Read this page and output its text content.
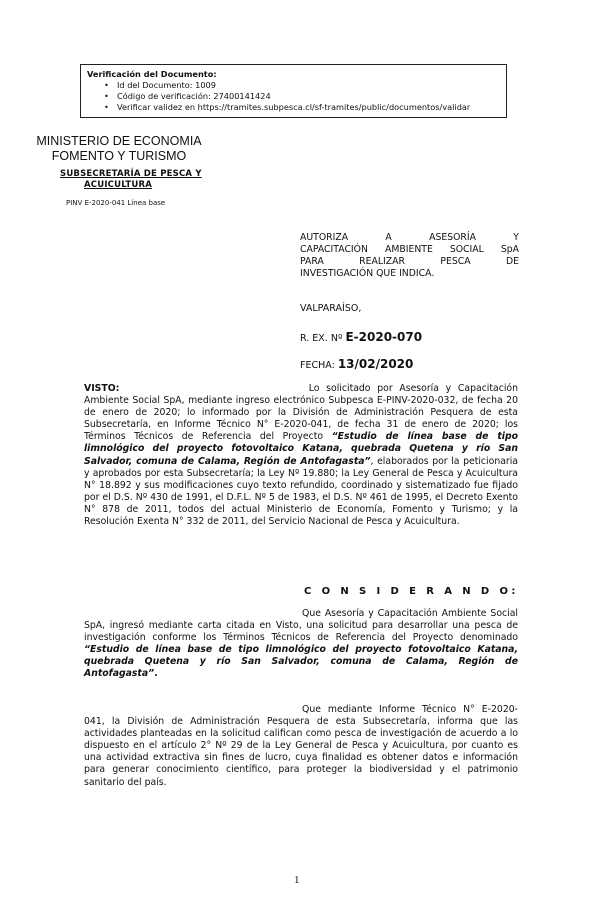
Verificación del Documento:
• Id del Documento: 1009
• Código de verificación: 27400141424
• Verificar validez en https://tramites.subpesca.cl/sf-tramites/public/documentos/validar
MINISTERIO DE ECONOMIA
FOMENTO Y TURISMO
SUBSECRETARÍA DE PESCA Y
ACUICULTURA
PINV E-2020-041 Línea base
AUTORIZA A ASESORÍA Y
CAPACITACIÓN AMBIENTE SOCIAL SpA
PARA REALIZAR PESCA DE
INVESTIGACIÓN QUE INDICA.
VALPARAÍSO,
R. EX. Nº E-2020-070
FECHA: 13/02/2020
VISTO:	Lo solicitado por Asesoría y Capacitación Ambiente Social SpA, mediante ingreso electrónico Subpesca E-PINV-2020-032, de fecha 20 de enero de 2020; lo informado por la División de Administración Pesquera de esta Subsecretaría, en Informe Técnico N° E-2020-041, de fecha 31 de enero de 2020; los Términos Técnicos de Referencia del Proyecto “Estudio de línea base de tipo limnológico del proyecto fotovoltaico Katana, quebrada Quetena y río San Salvador, comuna de Calama, Región de Antofagasta”, elaborados por la peticionaria y aprobados por esta Subsecretaría; la Ley Nº 19.880; la Ley General de Pesca y Acuicultura N° 18.892 y sus modificaciones cuyo texto refundido, coordinado y sistematizado fue fijado por el D.S. Nº 430 de 1991, el D.F.L. Nº 5 de 1983, el D.S. Nº 461 de 1995, el Decreto Exento N° 878 de 2011, todos del actual Ministerio de Economía, Fomento y Turismo; y la Resolución Exenta N° 332 de 2011, del Servicio Nacional de Pesca y Acuicultura.
C O N S I D E R A N D O:
Que Asesoría y Capacitación Ambiente Social SpA, ingresó mediante carta citada en Visto, una solicitud para desarrollar una pesca de investigación conforme los Términos Técnicos de Referencia del Proyecto denominado “Estudio de línea base de tipo limnológico del proyecto fotovoltaico Katana, quebrada Quetena y río San Salvador, comuna de Calama, Región de Antofagasta”.
Que mediante Informe Técnico N° E-2020-041, la División de Administración Pesquera de esta Subsecretaría, informa que las actividades planteadas en la solicitud califican como pesca de investigación de acuerdo a lo dispuesto en el artículo 2° Nº 29 de la Ley General de Pesca y Acuicultura, por cuanto es una actividad extractiva sin fines de lucro, cuya finalidad es obtener datos e información para generar conocimiento científico, para proteger la biodiversidad y el patrimonio sanitario del país.
1
